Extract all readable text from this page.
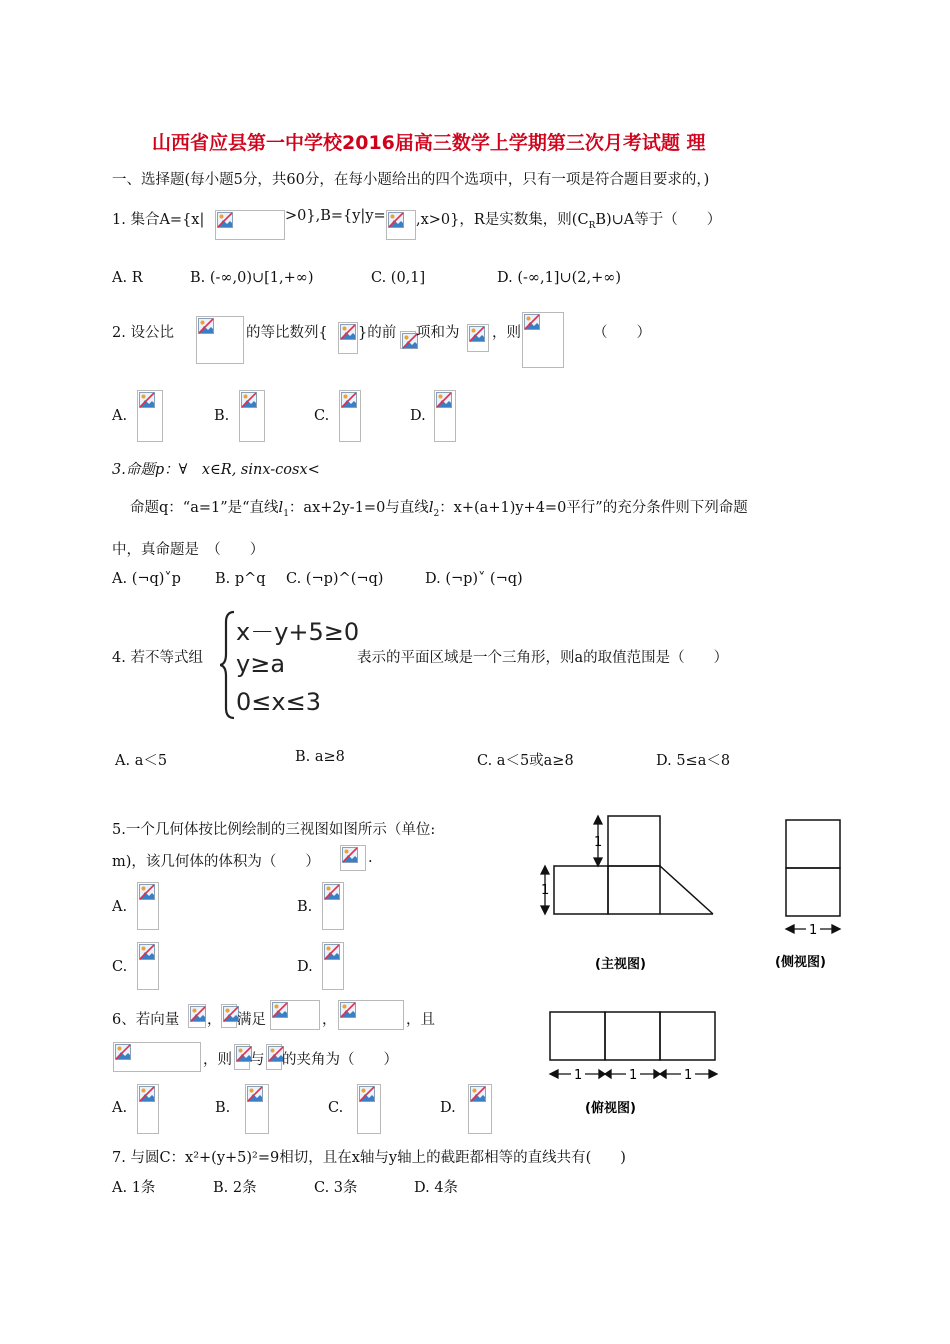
山西省应县第一中学校2016届高三数学上学期第三次月考试题 理
一、选择题(每小题5分，共60分，在每小题给出的四个选项中，只有一项是符合题目要求的，)
1. 集合A={x|	>0},B={y|y= ,x>0}，R是实数集，则$(C_RB)\cup A$等于（　　）
A. R	B. (-∞,0)∪[1,+∞)	C. (0,1]	D. (-∞,1]∪(2,+∞)
2. 设公比	的等比数列{ }的前 项和为 ，则	（　　）
A.	B.	C.	D.
3.命题p：∀　x∈R, sinx-cosx<
命题q：“a=1”是“直线$l_1$：ax+2y-1=0与直线$l_2$：x+(a+1)y+4=0平行”的充分条件则下列命题
中，真命题是　（　　）
A. (¬q)˅p B. p^q C. (¬p)^(¬q)	D. (¬p)˅ (¬q)
4. 若不等式组
x－y+5≥0
y≥a
0≤x≤3
表示的平面区域是一个三角形，则a的取值范围是（　　）
A. a＜5	B. a≥8	C. a＜5或a≥8	D. 5≤a＜8
5.一个几何体按比例绘制的三视图如图所示（单位:
m)，该几何体的体积为（　　）	.
A.	B.
C.	D.
1
1
(主视图)
1
(侧视图)
1	1	1
(俯视图)
6、若向量 ， 满足	，	，且
，则 与 的夹角为（　　）
A.	B.	C.	D.
7. 与圆C：x²+(y+5)²=9相切，且在x轴与y轴上的截距都相等的直线共有(　　)
A. 1条	B. 2条	C. 3条	D. 4条
